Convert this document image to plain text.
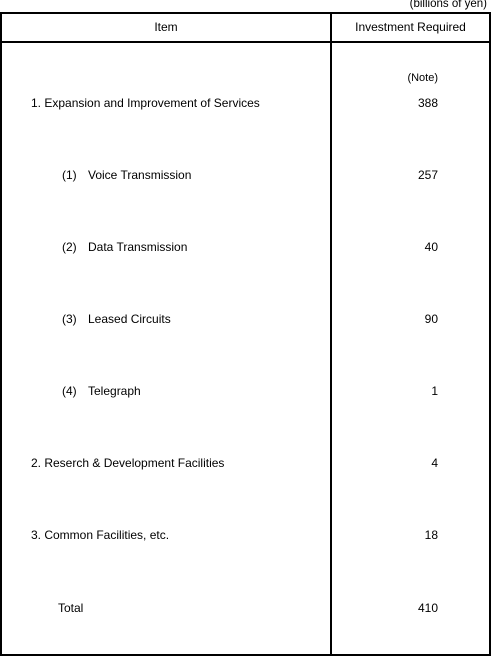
(billions of yen)
Item	Investment Required
(Note)
1. Expansion and Improvement of Services	388
(1) Voice Transmission	257
(2) Data Transmission	40
(3) Leased Circuits	90
(4) Telegraph	1
2. Reserch & Development Facilities	4
3. Common Facilities, etc.	18
Total	410
